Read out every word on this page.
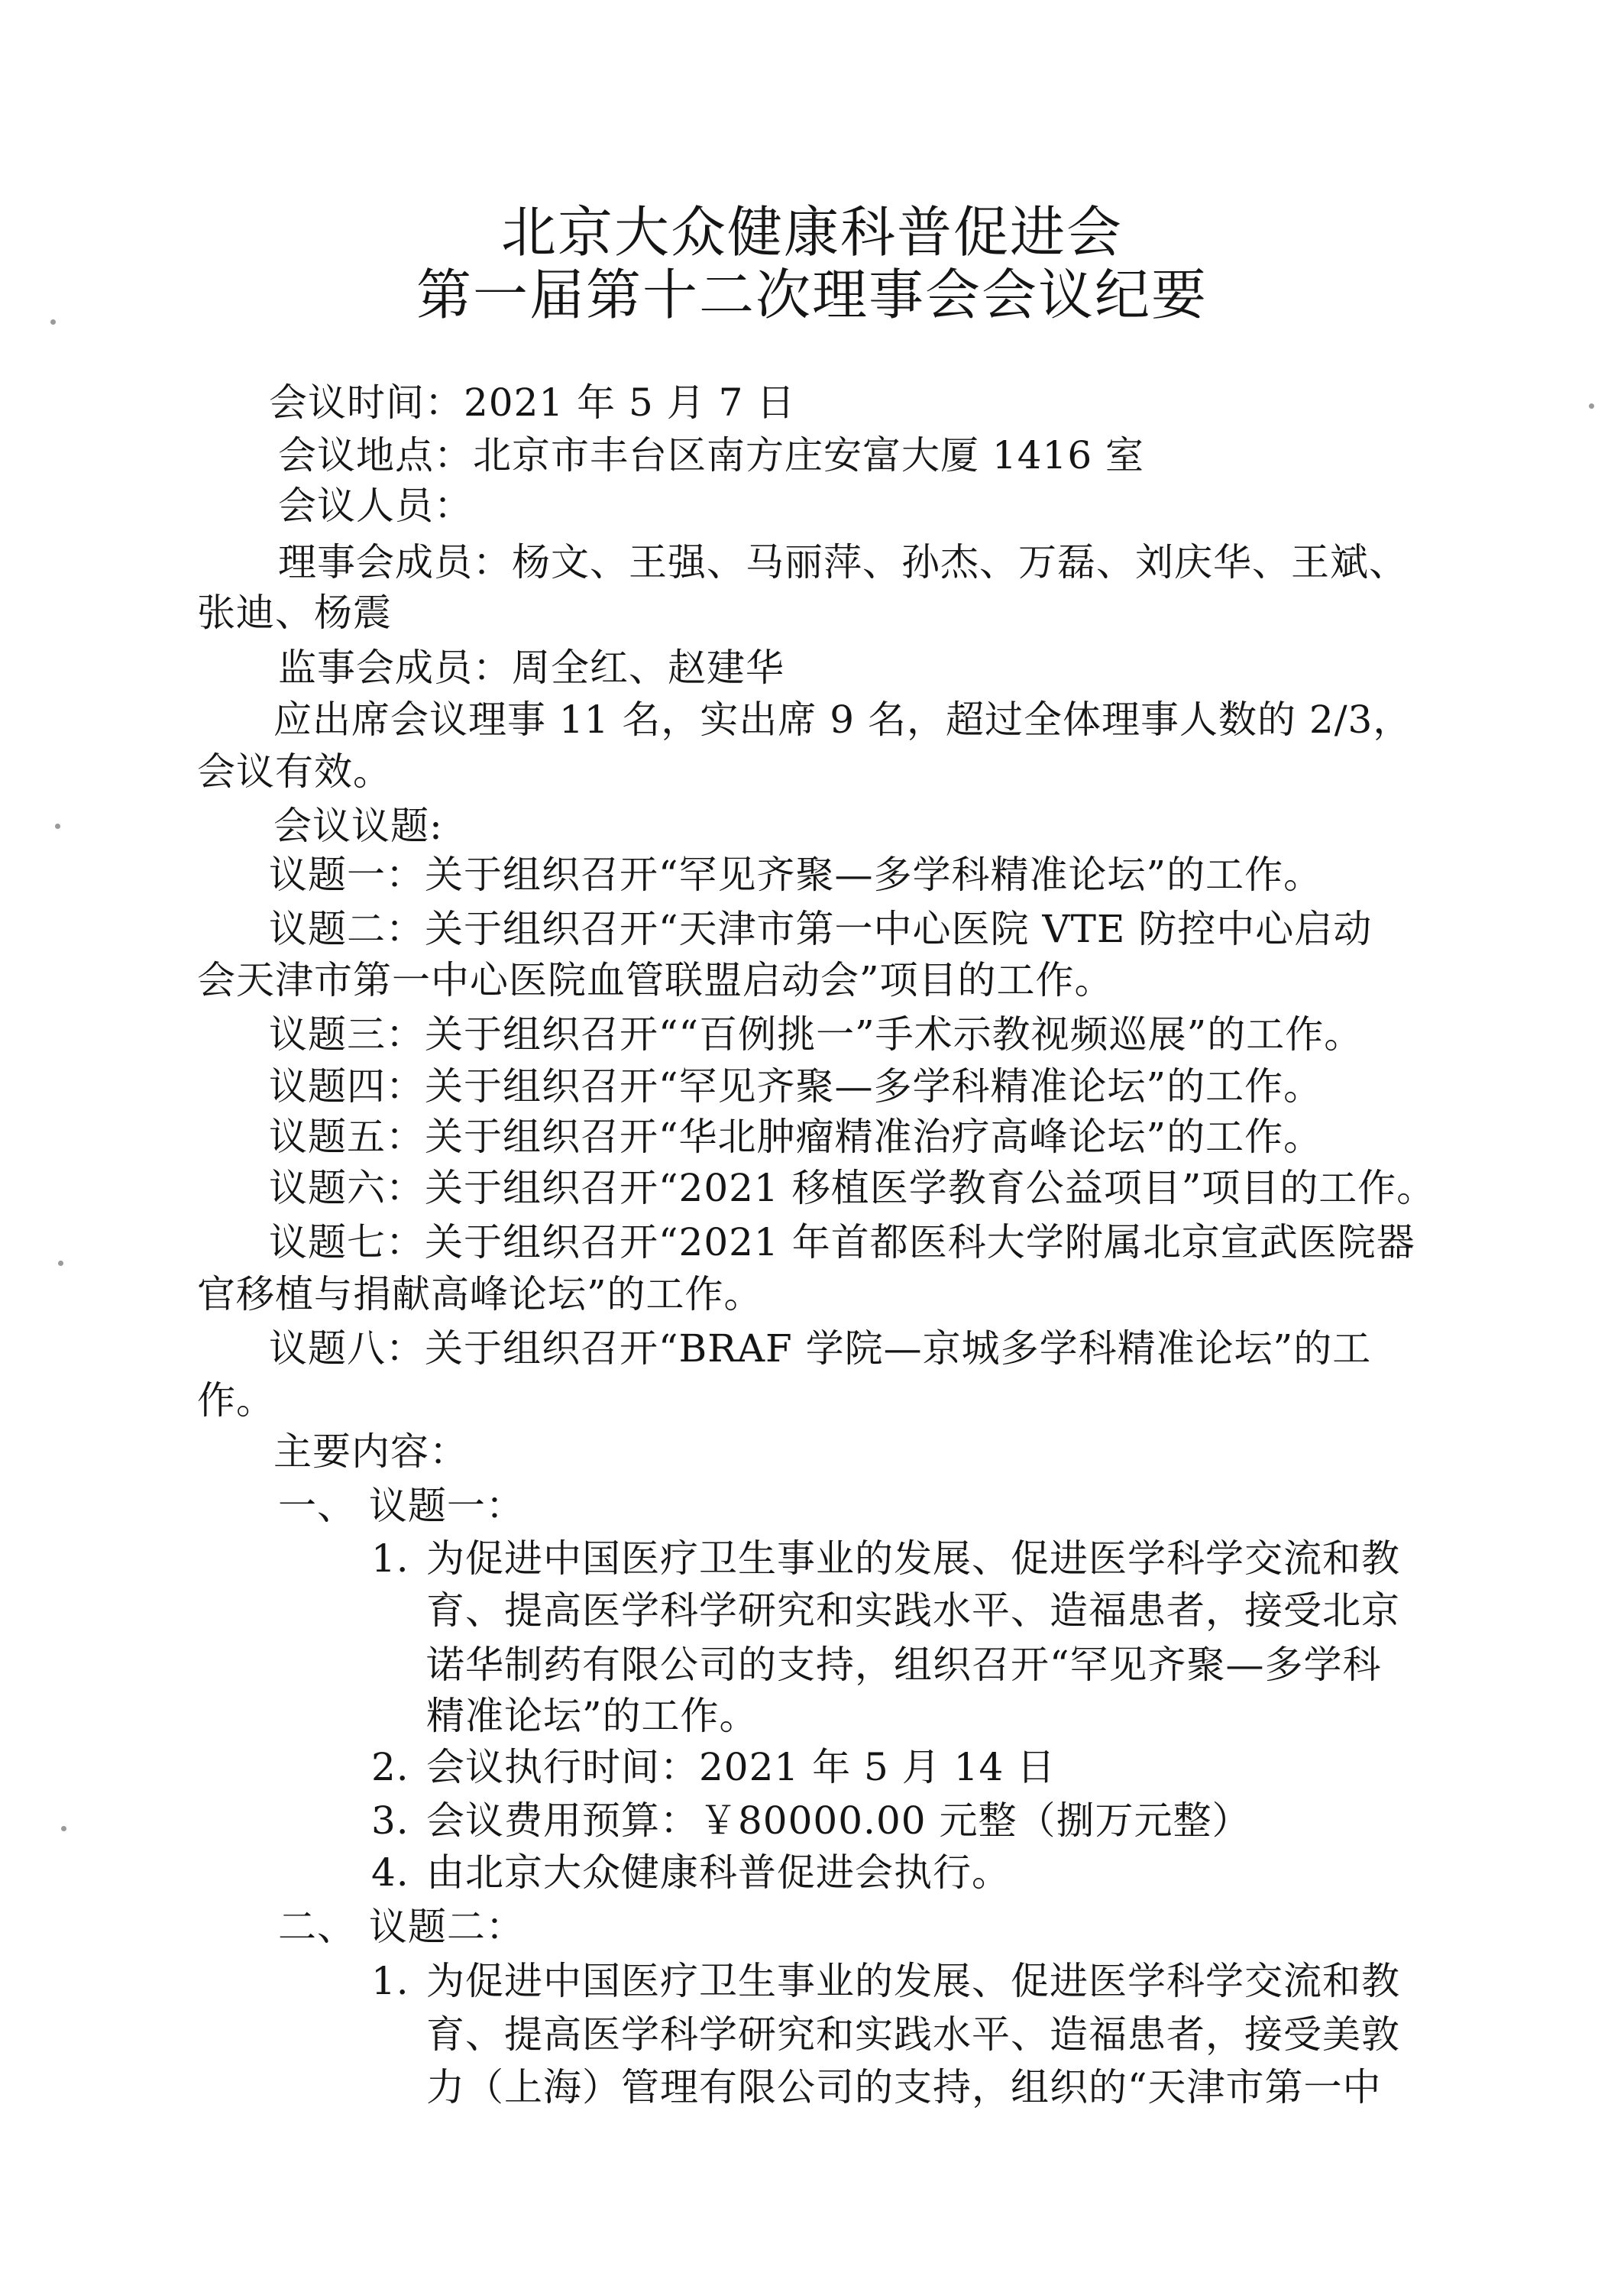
北京大众健康科普促进会
第一届第十二次理事会会议纪要
会议时间：2021 年 5 月 7 日
会议地点：北京市丰台区南方庄安富大厦 1416 室
会议人员：
理事会成员：杨文、王强、马丽萍、孙杰、万磊、刘庆华、王斌、
张迪、杨震
监事会成员：周全红、赵建华
应出席会议理事 11 名，实出席 9 名，超过全体理事人数的 2/3，
会议有效。
会议议题:
议题一：关于组织召开“罕见齐聚—多学科精准论坛”的工作。
议题二：关于组织召开“天津市第一中心医院 VTE 防控中心启动
会天津市第一中心医院血管联盟启动会”项目的工作。
议题三：关于组织召开““百例挑一”手术示教视频巡展”的工作。
议题四：关于组织召开“罕见齐聚—多学科精准论坛”的工作。
议题五：关于组织召开“华北肿瘤精准治疗高峰论坛”的工作。
议题六：关于组织召开“2021 移植医学教育公益项目”项目的工作。
议题七：关于组织召开“2021 年首都医科大学附属北京宣武医院器
官移植与捐献高峰论坛”的工作。
议题八：关于组织召开“BRAF 学院—京城多学科精准论坛”的工
作。
主要内容：
一、 议题一：
1. 为促进中国医疗卫生事业的发展、促进医学科学交流和教
育、提高医学科学研究和实践水平、造福患者，接受北京
诺华制药有限公司的支持，组织召开“罕见齐聚—多学科
精准论坛”的工作。
2. 会议执行时间：2021 年 5 月 14 日
3. 会议费用预算：￥80000.00 元整（捌万元整）
4. 由北京大众健康科普促进会执行。
二、 议题二：
1. 为促进中国医疗卫生事业的发展、促进医学科学交流和教
育、提高医学科学研究和实践水平、造福患者，接受美敦
力（上海）管理有限公司的支持，组织的“天津市第一中
